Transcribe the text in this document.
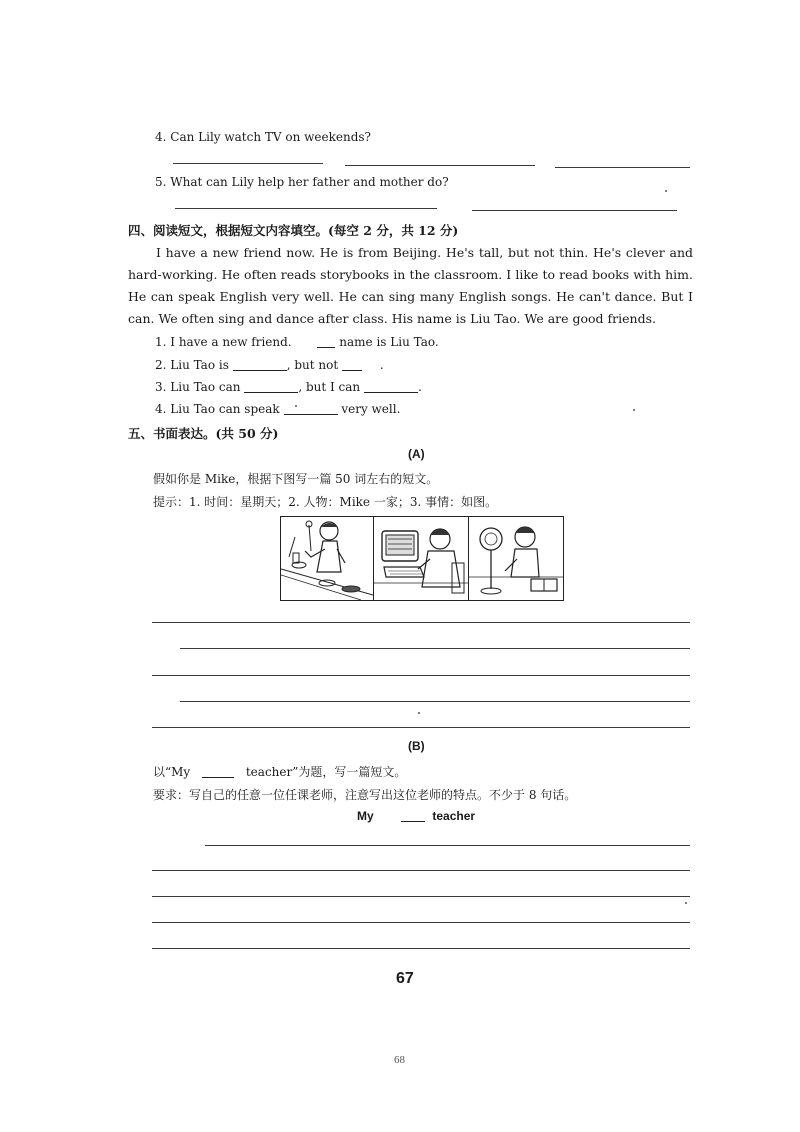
4. Can Lily watch TV on weekends?
5. What can Lily help her father and mother do?
四、阅读短文，根据短文内容填空。(每空 2 分，共 12 分)
I have a new friend now. He is from Beijing. He's tall, but not thin. He's clever and hard-working. He often reads storybooks in the classroom. I like to read books with him. He can speak English very well. He can sing many English songs. He can't dance. But I can. We often sing and dance after class. His name is Liu Tao. We are good friends.
1. I have a new friend.	name is Liu Tao.
2. Liu Tao is	, but not	.
3. Liu Tao can	, but I can	.
4. Liu Tao can speak	very well.
五、书面表达。(共 50 分)
(A)
假如你是 Mike，根据下图写一篇 50 词左右的短文。
提示：1. 时间：星期天；2. 人物：Mike 一家；3. 事情：如图。
(B)
以“My	teacher”为题，写一篇短文。
要求：写自己的任意一位任课老师，注意写出这位老师的特点。不少于 8 句话。
My	teacher
67
68
